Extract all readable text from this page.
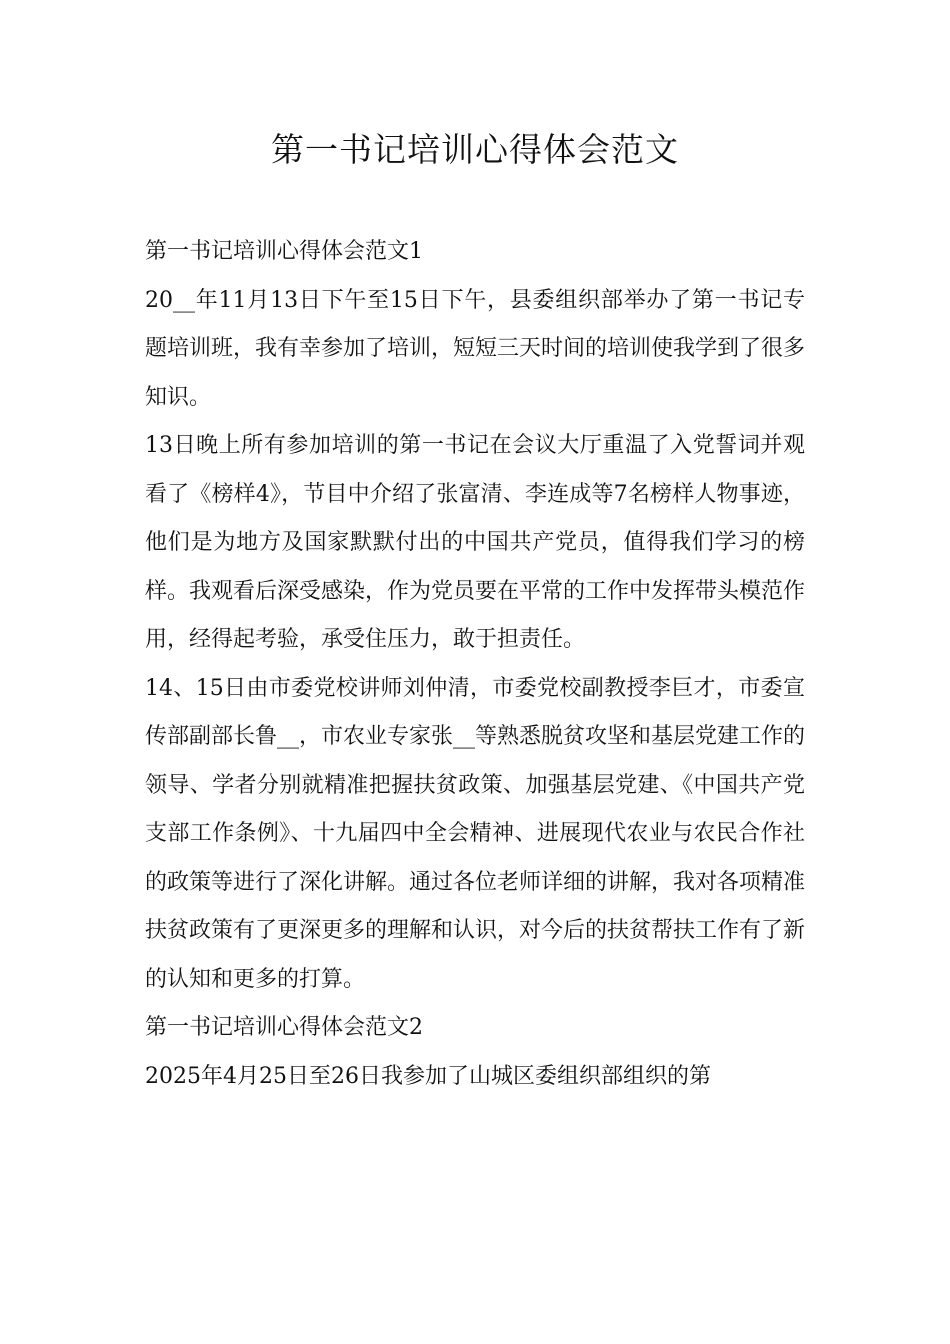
第一书记培训心得体会范文

第一书记培训心得体会范文1

20__年11月13日下午至15日下午，县委组织部举办了第一书记专题培训班，我有幸参加了培训，短短三天时间的培训使我学到了很多知识。

13日晚上所有参加培训的第一书记在会议大厅重温了入党誓词并观看了《榜样4》，节目中介绍了张富清、李连成等7名榜样人物事迹，他们是为地方及国家默默付出的中国共产党员，值得我们学习的榜样。我观看后深受感染，作为党员要在平常的工作中发挥带头模范作用，经得起考验，承受住压力，敢于担责任。

14、15日由市委党校讲师刘仲清，市委党校副教授李巨才，市委宣传部副部长鲁__，市农业专家张__等熟悉脱贫攻坚和基层党建工作的领导、学者分别就精准把握扶贫政策、加强基层党建、《中国共产党支部工作条例》、十九届四中全会精神、进展现代农业与农民合作社的政策等进行了深化讲解。通过各位老师详细的讲解，我对各项精准扶贫政策有了更深更多的理解和认识，对今后的扶贫帮扶工作有了新的认知和更多的打算。

第一书记培训心得体会范文2

2025年4月25日至26日我参加了山城区委组织部组织的第
